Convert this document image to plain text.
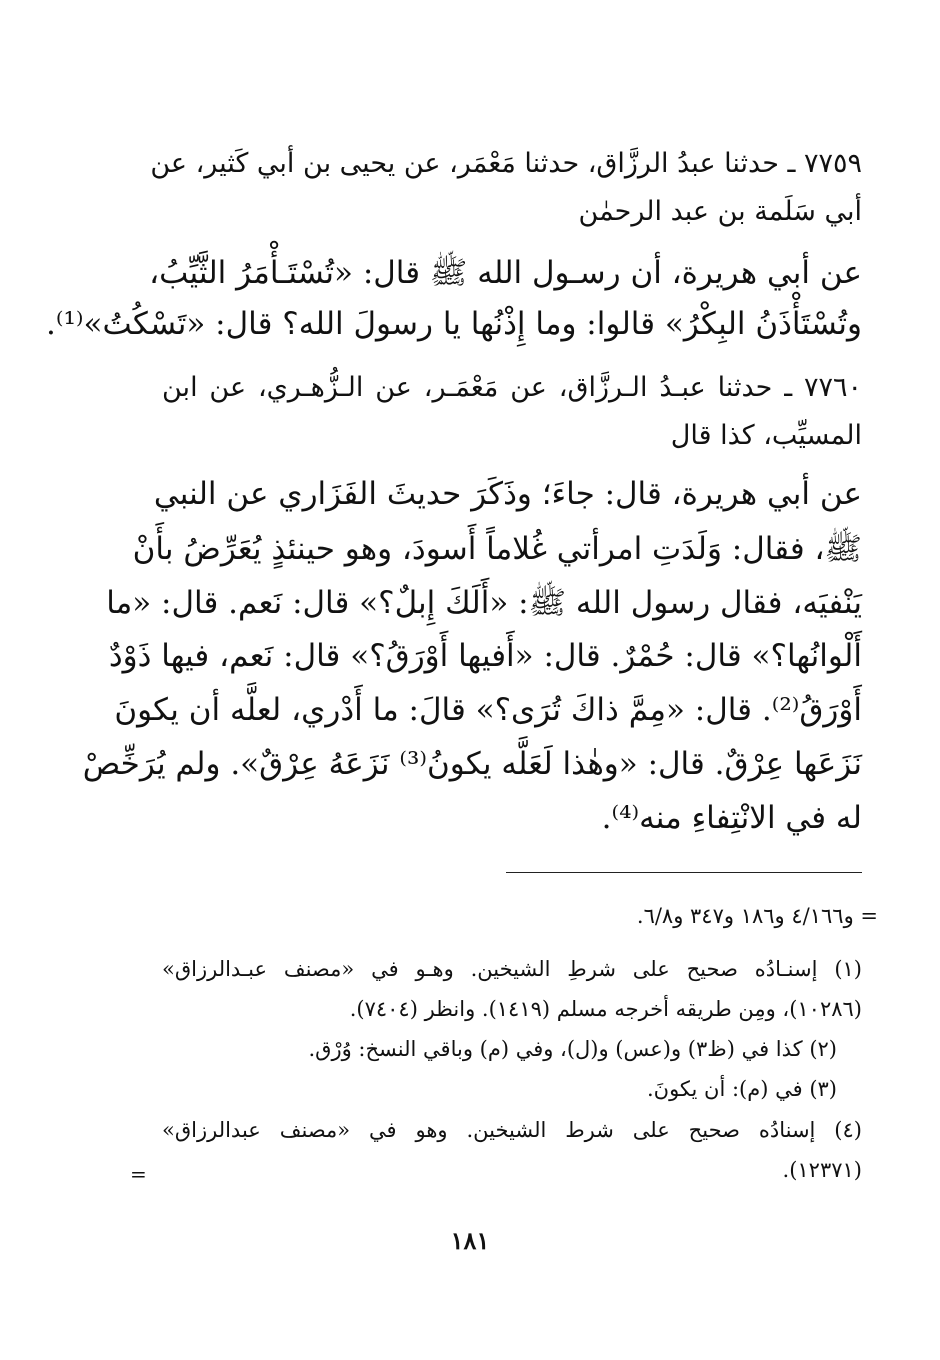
٧٧٥٩ ـ حدثنا عبدُ الرزَّاق، حدثنا مَعْمَر، عن يحيى بن أبي كَثير، عن
أبي سَلَمة بن عبد الرحمٰن
عن أبي هريرة، أن رسـول الله ﷺ قال: «تُسْتَـأْمَرُ الثَّيِّبُ،
وتُسْتَأْذَنُ البِكْرُ» قالوا: وما إِذْنُها يا رسولَ الله؟ قال: «تَسْكُتُ»⁽¹⁾.
٧٧٦٠ ـ حدثنا عبـدُ الـرزَّاق، عن مَعْمَـر، عن الـزُّهـري، عن ابن
المسيِّب، كذا قال
عن أبي هريرة، قال: جاءَ؛ وذَكَرَ حديثَ الفَزَاري عن النبي
ﷺ، فقال: وَلَدَتِ امرأتي غُلاماً أَسودَ، وهو حينئذٍ يُعَرِّضُ بأَنْ
يَنْفيَه، فقال رسول الله ﷺ: «أَلَكَ إِبلٌ؟» قال: نَعم. قال: «ما
أَلْوانُها؟» قال: حُمْرٌ. قال: «أَفيها أَوْرَقُ؟» قال: نَعم، فيها ذَوْدٌ
أَوْرَقُ⁽²⁾. قال: «مِمَّ ذاكَ تُرَى؟» قالَ: ما أَدْري، لعلَّه أن يكونَ
نَزَعَها عِرْقٌ. قال: «وهٰذا لَعَلَّه يكونُ⁽³⁾ نَزَعَهُ عِرْقٌ». ولم يُرَخِّصْ
له في الانْتِفاءِ منه⁽⁴⁾.
= و٤/١٦٦ و١٨٦ و٣٤٧ و٦/٨.
(١) إسنـادُه صحيح على شرطِ الشيخين. وهـو في «مصنف عبـدالرزاق»
(١٠٢٨٦)، ومِن طريقه أخرجه مسلم (١٤١٩). وانظر (٧٤٠٤).
(٢) كذا في (ظ٣) و(عس) و(ل)، وفي (م) وباقي النسخ: وُرْق.
(٣) في (م): أن يكونَ.
(٤) إسنادُه صحيح على شرط الشيخين. وهو في «مصنف عبدالرزاق»
(١٢٣٧١).
=
١٨١
